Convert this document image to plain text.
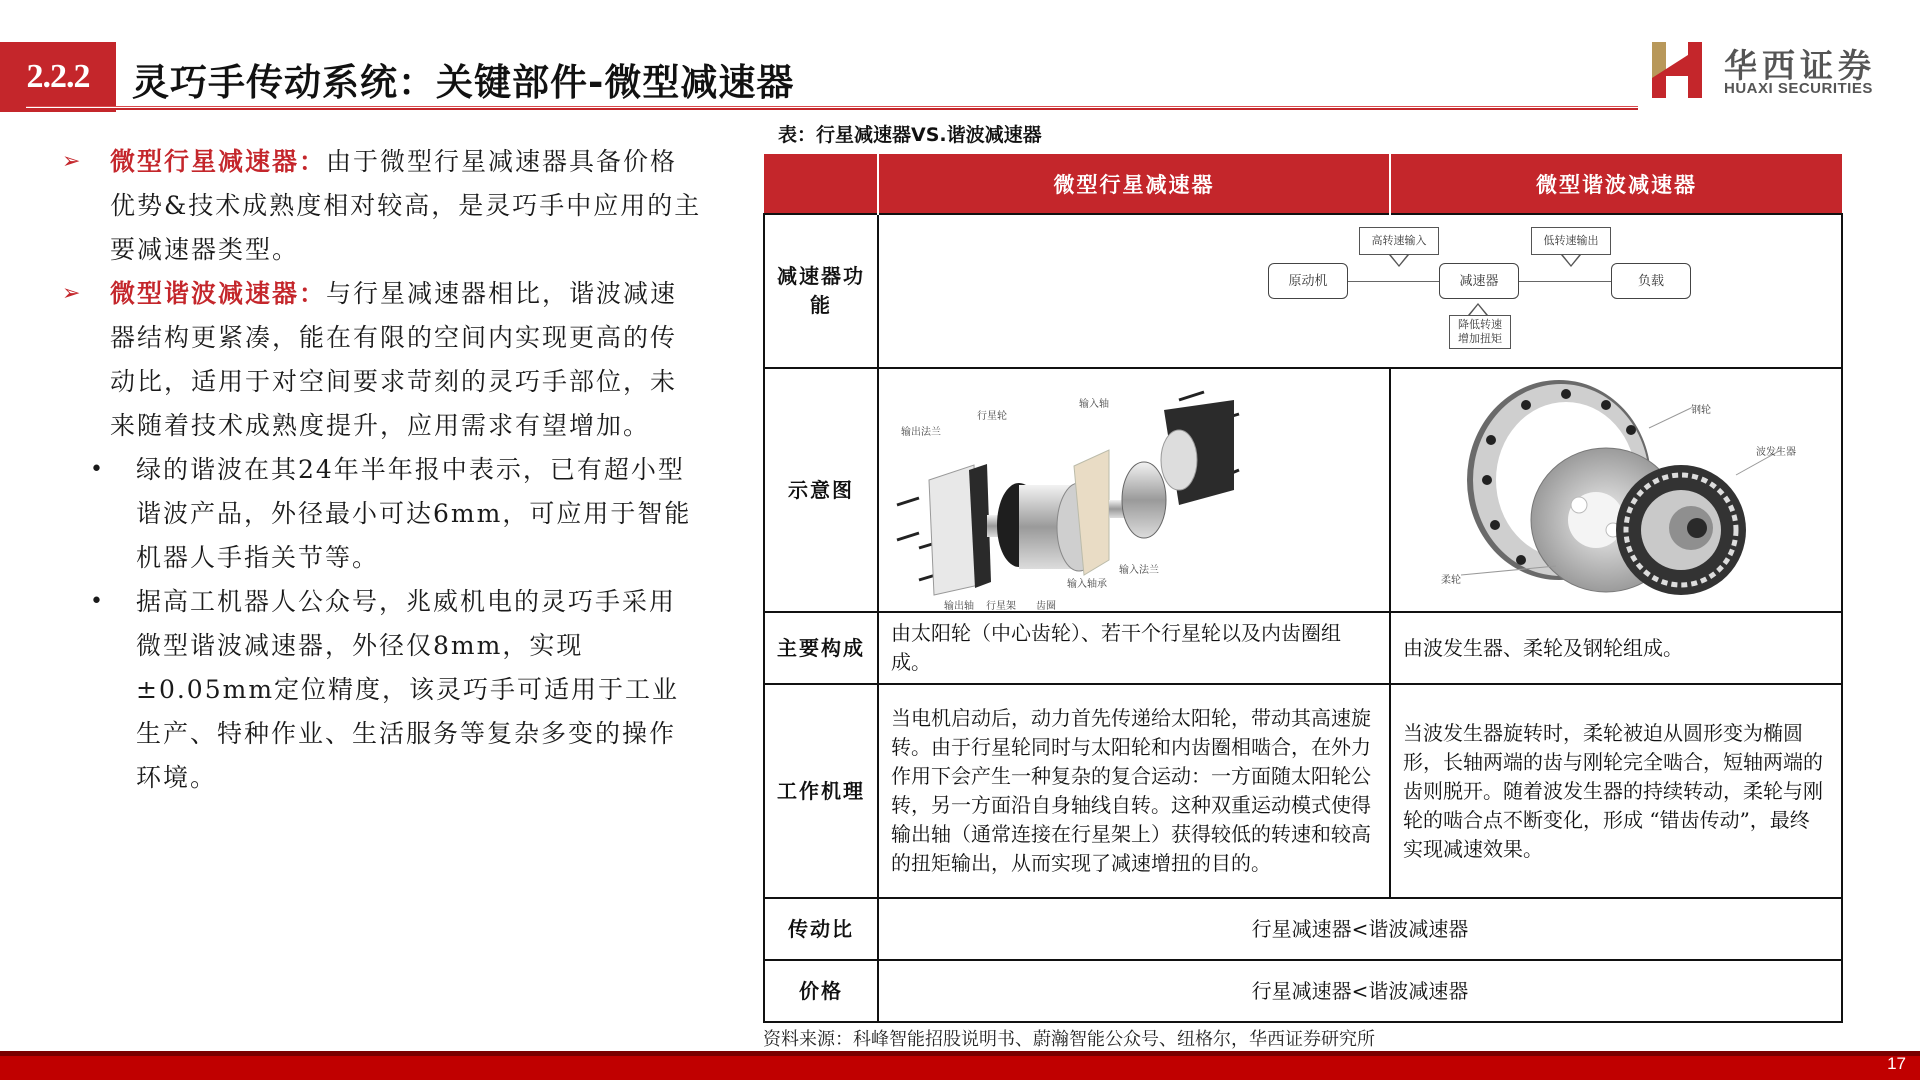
2.2.2	灵巧手传动系统：关键部件-微型减速器	华西证券
HUAXI SECURITIES
➢ 微型行星减速器：由于微型行星减速器具备价格优势&技术成熟度相对较高，是灵巧手中应用的主要减速器类型。
➢ 微型谐波减速器：与行星减速器相比，谐波减速器结构更紧凑，能在有限的空间内实现更高的传动比，适用于对空间要求苛刻的灵巧手部位，未来随着技术成熟度提升，应用需求有望增加。
• 绿的谐波在其24年半年报中表示，已有超小型谐波产品，外径最小可达6mm，可应用于智能机器人手指关节等。
• 据高工机器人公众号，兆威机电的灵巧手采用微型谐波减速器，外径仅8mm，实现±0.05mm定位精度，该灵巧手可适用于工业生产、特种作业、生活服务等复杂多变的操作环境。
表：行星减速器VS.谐波减速器
	微型行星减速器	微型谐波减速器
减速器功能	
原动机	减速器	负载
高转速输入	低转速输出
降低转速
增加扭矩

示意图	
输出法兰
行星轮
输入轴
输出轴 行星架 齿圈
输入轴承
输入法兰

钢轮
波发生器
柔轮

主要构成	由太阳轮（中心齿轮）、若干个行星轮以及内齿圈组成。	由波发生器、柔轮及钢轮组成。
工作机理	当电机启动后，动力首先传递给太阳轮，带动其高速旋转。由于行星轮同时与太阳轮和内齿圈相啮合，在外力作用下会产生一种复杂的复合运动：一方面随太阳轮公转，另一方面沿自身轴线自转。这种双重运动模式使得输出轴（通常连接在行星架上）获得较低的转速和较高的扭矩输出，从而实现了减速增扭的目的。	当波发生器旋转时，柔轮被迫从圆形变为椭圆形，长轴两端的齿与刚轮完全啮合，短轴两端的齿则脱开。随着波发生器的持续转动，柔轮与刚轮的啮合点不断变化，形成 “错齿传动”，最终实现减速效果。
传动比	行星减速器<谐波减速器	
价格	行星减速器<谐波减速器	
资料来源：科峰智能招股说明书、蔚瀚智能公众号、纽格尔，华西证券研究所
17
